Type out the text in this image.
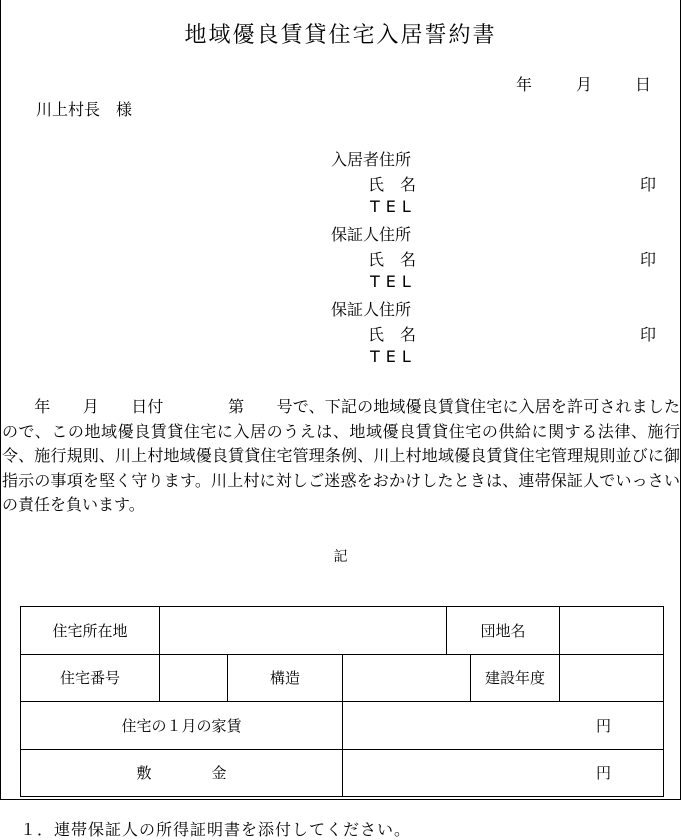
地域優良賃貸住宅入居誓約書
年	月	日
川上村長　様
入居者住所
氏　名	印
TEL
保証人住所
氏　名	印
TEL
保証人住所
氏　名	印
TEL

　　年　　月　　日付　　　　第　　号で、下記の地域優良賃貸住宅に入居を許可されましたので、この地域優良賃貸住宅に入居のうえは、地域優良賃貸住宅の供給に関する法律、施行令、施行規則、川上村地域優良賃貸住宅管理条例、川上村地域優良賃貸住宅管理規則並びに御指示の事項を堅く守ります。川上村に対しご迷惑をおかけしたときは、連帯保証人でいっさいの責任を負います。

記
住宅所在地				団地名		
住宅番号		構造			建設年度	
住宅の１月の家賃			円			
敷　　　　金			円			
１．連帯保証人の所得証明書を添付してください。
